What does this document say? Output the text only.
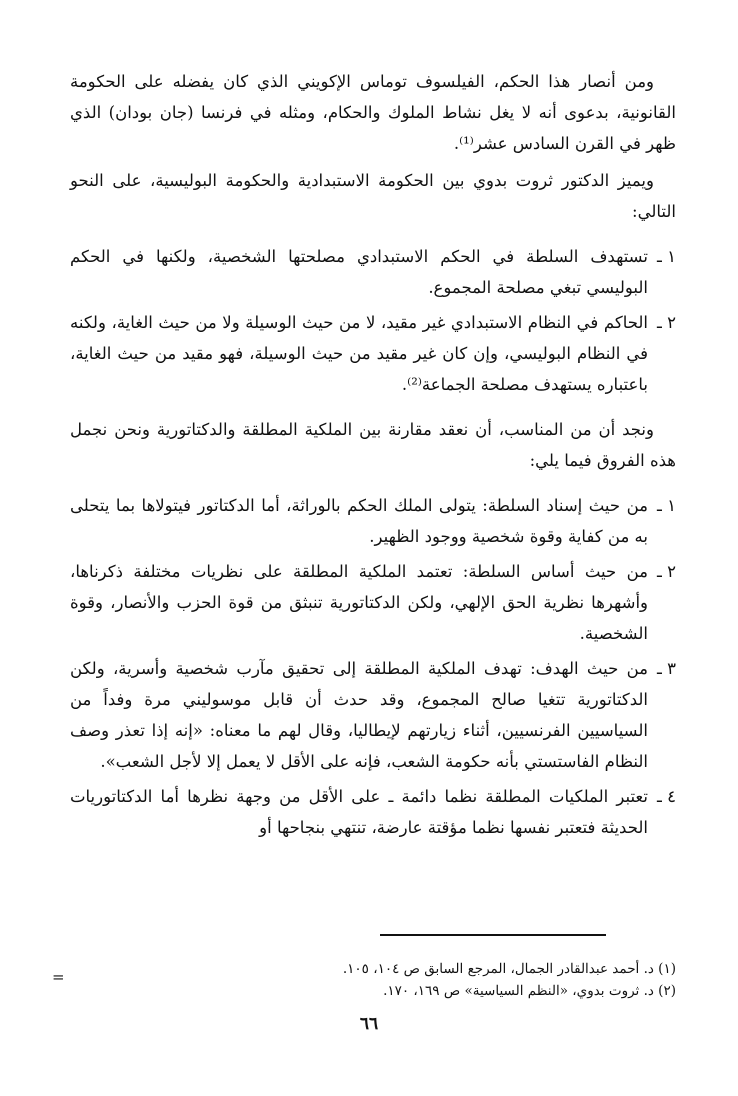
ومن أنصار هذا الحكم، الفيلسوف توماس الإكويني الذي كان يفضله على الحكومة القانونية، بدعوى أنه لا يغل نشاط الملوك والحكام، ومثله في فرنسا (جان بودان) الذي ظهر في القرن السادس عشر⁽¹⁾.

ويميز الدكتور ثروت بدوي بين الحكومة الاستبدادية والحكومة البوليسية، على النحو التالي:

١ ـ
تستهدف السلطة في الحكم الاستبدادي مصلحتها الشخصية، ولكنها في الحكم البوليسي تبغي مصلحة المجموع.
٢ ـ
الحاكم في النظام الاستبدادي غير مقيد، لا من حيث الوسيلة ولا من حيث الغاية، ولكنه في النظام البوليسي، وإن كان غير مقيد من حيث الوسيلة، فهو مقيد من حيث الغاية، باعتباره يستهدف مصلحة الجماعة⁽²⁾.

ونجد أن من المناسب، أن نعقد مقارنة بين الملكية المطلقة والدكتاتورية ونحن نجمل هذه الفروق فيما يلي:

١ ـ
من حيث إسناد السلطة: يتولى الملك الحكم بالوراثة، أما الدكتاتور فيتولاها بما يتحلى به من كفاية وقوة شخصية ووجود الظهير.
٢ ـ
من حيث أساس السلطة: تعتمد الملكية المطلقة على نظريات مختلفة ذكرناها، وأشهرها نظرية الحق الإلهي، ولكن الدكتاتورية تنبثق من قوة الحزب والأنصار، وقوة الشخصية.
٣ ـ
من حيث الهدف: تهدف الملكية المطلقة إلى تحقيق مآرب شخصية وأسرية، ولكن الدكتاتورية تتغيا صالح المجموع، وقد حدث أن قابل موسوليني مرة وفداً من السياسيين الفرنسيين، أثناء زيارتهم لإيطاليا، وقال لهم ما معناه: «إنه إذا تعذر وصف النظام الفاستستي بأنه حكومة الشعب، فإنه على الأقل لا يعمل إلا لأجل الشعب».
٤ ـ
تعتبر الملكيات المطلقة نظما دائمة ـ على الأقل من وجهة نظرها أما الدكتاتوريات الحديثة فتعتبر نفسها نظما مؤقتة عارضة، تنتهي بنجاحها أو

(١) د. أحمد عبدالقادر الجمال، المرجع السابق ص ١٠٤، ١٠٥.

(٢) د. ثروت بدوي، «النظم السياسية» ص ١٦٩، ١٧٠.

=
٦٦
